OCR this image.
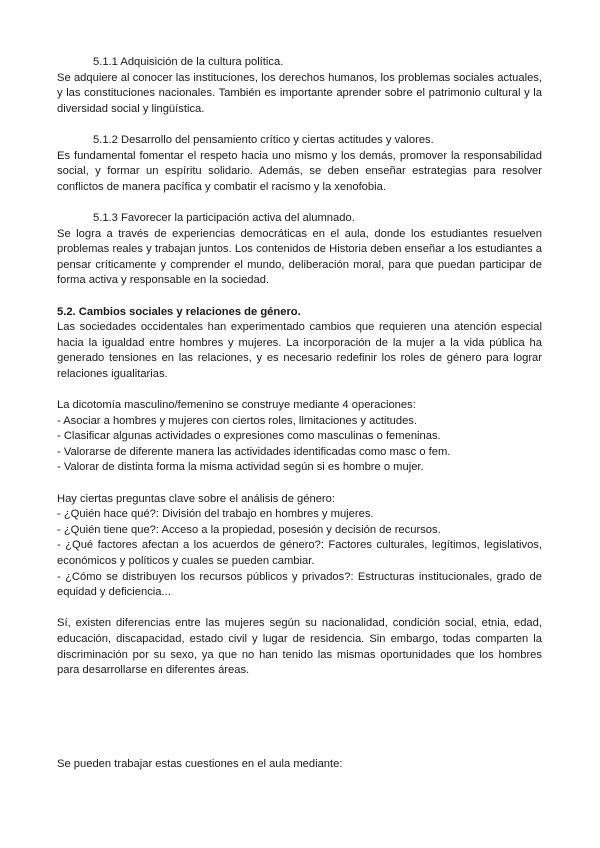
5.1.1 Adquisición de la cultura política.

Se adquiere al conocer las instituciones, los derechos humanos, los problemas sociales actuales, y las constituciones nacionales. También es importante aprender sobre el patrimonio cultural y la diversidad social y lingüística.

5.1.2 Desarrollo del pensamiento crítico y ciertas actitudes y valores.

Es fundamental fomentar el respeto hacia uno mismo y los demás, promover la responsabilidad social, y formar un espíritu solidario. Además, se deben enseñar estrategias para resolver conflictos de manera pacífica y combatir el racismo y la xenofobia.

5.1.3 Favorecer la participación activa del alumnado.

Se logra a través de experiencias democráticas en el aula, donde los estudiantes resuelven problemas reales y trabajan juntos. Los contenidos de Historia deben enseñar a los estudiantes a pensar críticamente y comprender el mundo, deliberación moral, para que puedan participar de forma activa y responsable en la sociedad.

5.2. Cambios sociales y relaciones de género.

Las sociedades occidentales han experimentado cambios que requieren una atención especial hacia la igualdad entre hombres y mujeres. La incorporación de la mujer a la vida pública ha generado tensiones en las relaciones, y es necesario redefinir los roles de género para lograr relaciones igualitarias.

La dicotomía masculino/femenino se construye mediante 4 operaciones:

- Asociar a hombres y mujeres con ciertos roles, limitaciones y actitudes.

- Clasificar algunas actividades o expresiones como masculinas o femeninas.

- Valorarse de diferente manera las actividades identificadas como masc o fem.

- Valorar de distinta forma la misma actividad según si es hombre o mujer.

Hay ciertas preguntas clave sobre el análisis de género:

- ¿Quién hace qué?: División del trabajo en hombres y mujeres.

- ¿Quién tiene que?: Acceso a la propiedad, posesión y decisión de recursos.

- ¿Qué factores afectan a los acuerdos de género?: Factores culturales, legítimos, legislativos, económicos y políticos y cuales se pueden cambiar.

- ¿Cómo se distribuyen los recursos públicos y privados?: Estructuras institucionales, grado de equidad y deficiencia...

Sí, existen diferencias entre las mujeres según su nacionalidad, condición social, etnia, edad, educación, discapacidad, estado civil y lugar de residencia. Sin embargo, todas comparten la discriminación por su sexo, ya que no han tenido las mismas oportunidades que los hombres para desarrollarse en diferentes áreas.

Se pueden trabajar estas cuestiones en el aula mediante:
